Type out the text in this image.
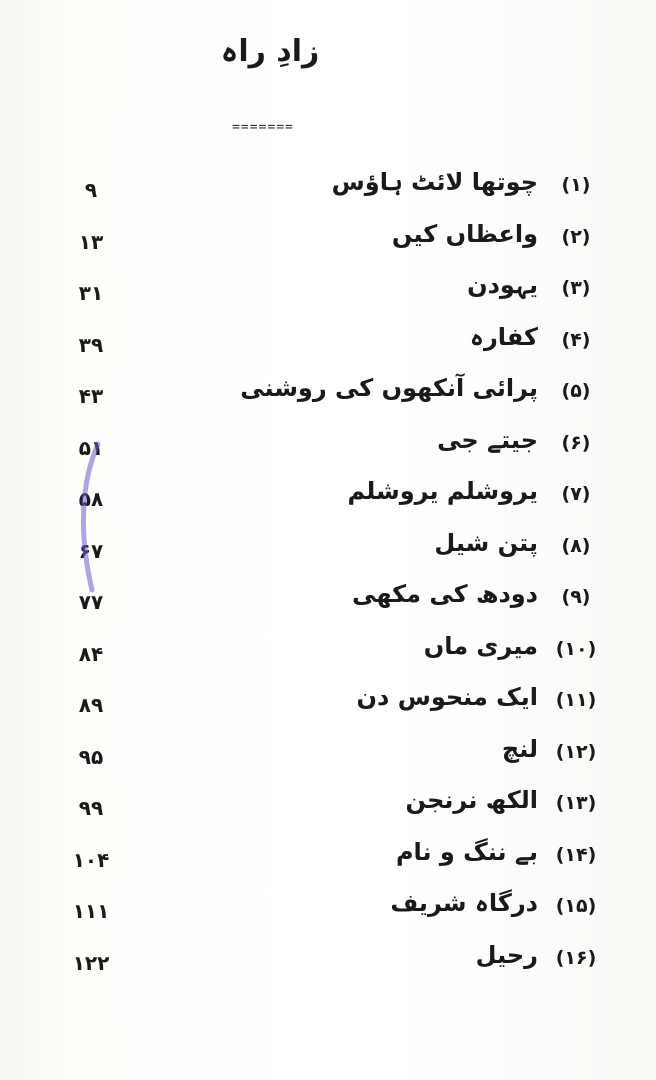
زادِ راہ
=======
(۱)
چوتھا لائٹ ہاؤس
۹
(۲)
واعظاں کیں
۱۳
(۳)
یہودن
۳۱
(۴)
کفارہ
۳۹
(۵)
پرائی آنکھوں کی روشنی
۴۳
(۶)
جیتے جی
۵۱
(۷)
یروشلم یروشلم
۵۸
(۸)
پتن شیل
۶۷
(۹)
دودھ کی مکھی
۷۷
(۱۰)
میری ماں
۸۴
(۱۱)
ایک منحوس دن
۸۹
(۱۲)
لنچ
۹۵
(۱۳)
الکھ نرنجن
۹۹
(۱۴)
بے ننگ و نام
۱۰۴
(۱۵)
درگاہ شریف
۱۱۱
(۱۶)
رحیل
۱۲۲
